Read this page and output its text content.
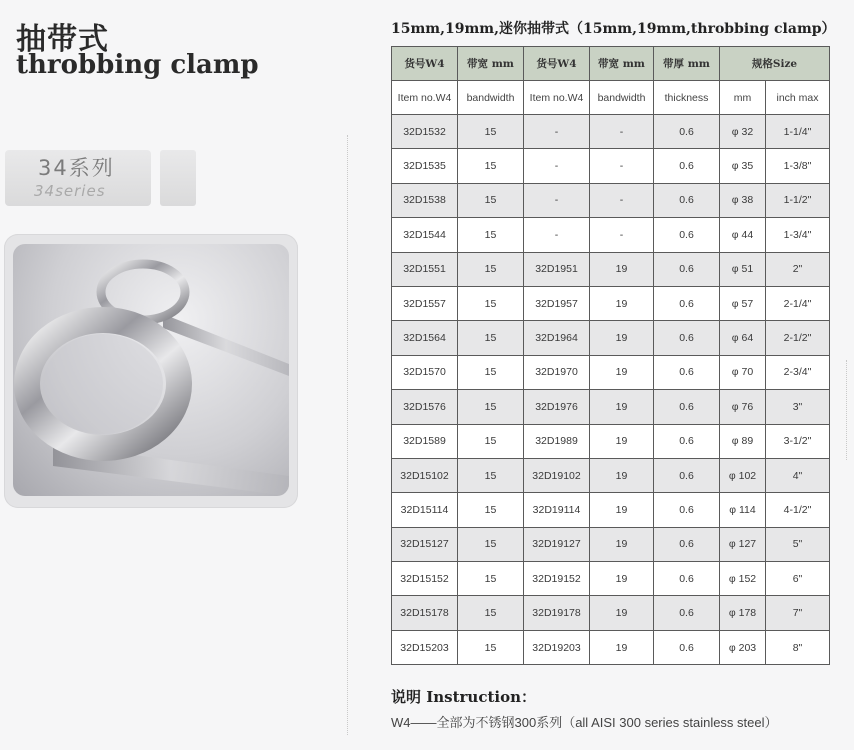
抽带式
throbbing clamp
34系列
34series
15mm,19mm,迷你抽带式（15mm,19mm,throbbing clamp）
货号W4	带宽 mm	货号W4	带宽 mm	带厚 mm	规格Size	
Item no.W4	bandwidth	Item no.W4	bandwidth	thickness	mm	inch max
32D1532	15	-	-	0.6	φ 32	1-1/4"
32D1535	15	-	-	0.6	φ 35	1-3/8"
32D1538	15	-	-	0.6	φ 38	1-1/2"
32D1544	15	-	-	0.6	φ 44	1-3/4"
32D1551	15	32D1951	19	0.6	φ 51	2"
32D1557	15	32D1957	19	0.6	φ 57	2-1/4"
32D1564	15	32D1964	19	0.6	φ 64	2-1/2"
32D1570	15	32D1970	19	0.6	φ 70	2-3/4"
32D1576	15	32D1976	19	0.6	φ 76	3"
32D1589	15	32D1989	19	0.6	φ 89	3-1/2"
32D15102	15	32D19102	19	0.6	φ 102	4"
32D15114	15	32D19114	19	0.6	φ 114	4-1/2"
32D15127	15	32D19127	19	0.6	φ 127	5"
32D15152	15	32D19152	19	0.6	φ 152	6"
32D15178	15	32D19178	19	0.6	φ 178	7"
32D15203	15	32D19203	19	0.6	φ 203	8"
说明 Instruction：
W4——全部为不锈钢300系列（all AISI 300 series stainless steel）
